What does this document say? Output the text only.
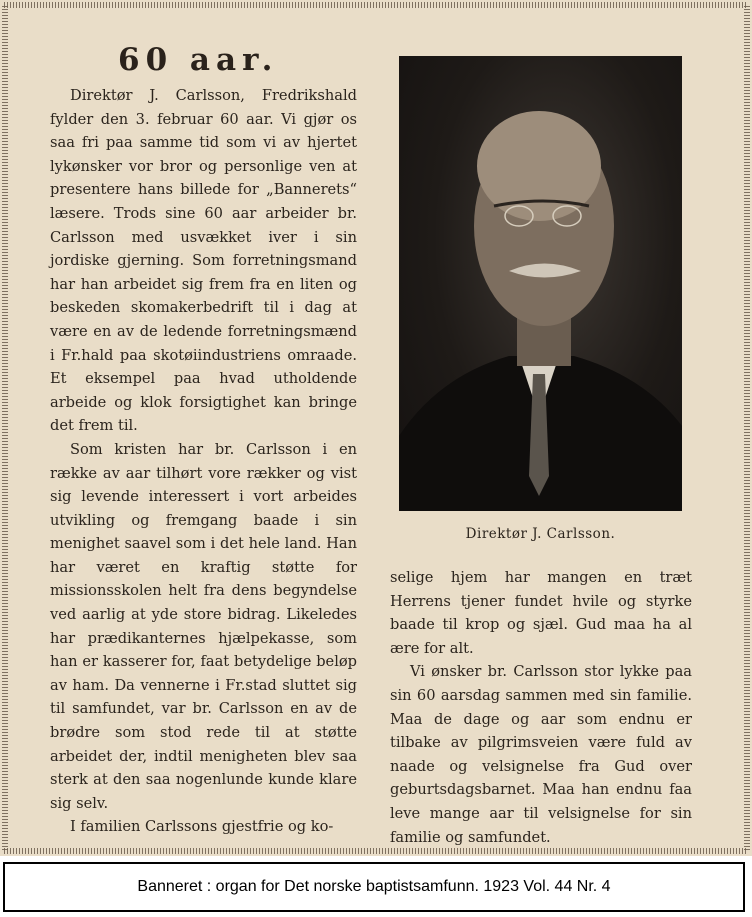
60 aar.

Direktør J. Carlsson, Fredrikshald fylder den 3. februar 60 aar. Vi gjør os saa fri paa samme tid som vi av hjertet lykønsker vor bror og personlige ven at presentere hans billede for „Bannerets“ læsere. Trods sine 60 aar arbeider br. Carlsson med usvækket iver i sin jordiske gjerning. Som forretningsmand har han arbeidet sig frem fra en liten og beskeden skomakerbedrift til i dag at være en av de ledende forretningsmænd i Fr.hald paa skotøiindustriens omraade. Et eksempel paa hvad utholdende arbeide og klok forsigtighet kan bringe det frem til.

Som kristen har br. Carlsson i en række av aar tilhørt vore rækker og vist sig levende interessert i vort arbeides utvikling og fremgang baade i sin menighet saavel som i det hele land. Han har været en kraftig støtte for missionsskolen helt fra dens begyndelse ved aarlig at yde store bidrag. Likeledes har prædikanternes hjælpekasse, som han er kasserer for, faat betydelige beløp av ham. Da vennerne i Fr.stad sluttet sig til samfundet, var br. Carlsson en av de brødre som stod rede til at støtte arbeidet der, indtil menigheten blev saa sterk at den saa nogenlunde kunde klare sig selv.

I familien Carlssons gjestfrie og ko-

Direktør J. Carlsson.

selige hjem har mangen en træt Herrens tjener fundet hvile og styrke baade til krop og sjæl. Gud maa ha al ære for alt.

Vi ønsker br. Carlsson stor lykke paa sin 60 aarsdag sammen med sin familie. Maa de dage og aar som endnu er tilbake av pilgrimsveien være fuld av naade og velsignelse fra Gud over geburtsdagsbarnet. Maa han endnu faa leve mange aar til velsignelse for sin familie og samfundet.

Banneret : organ for Det norske baptistsamfunn. 1923 Vol. 44 Nr. 4
